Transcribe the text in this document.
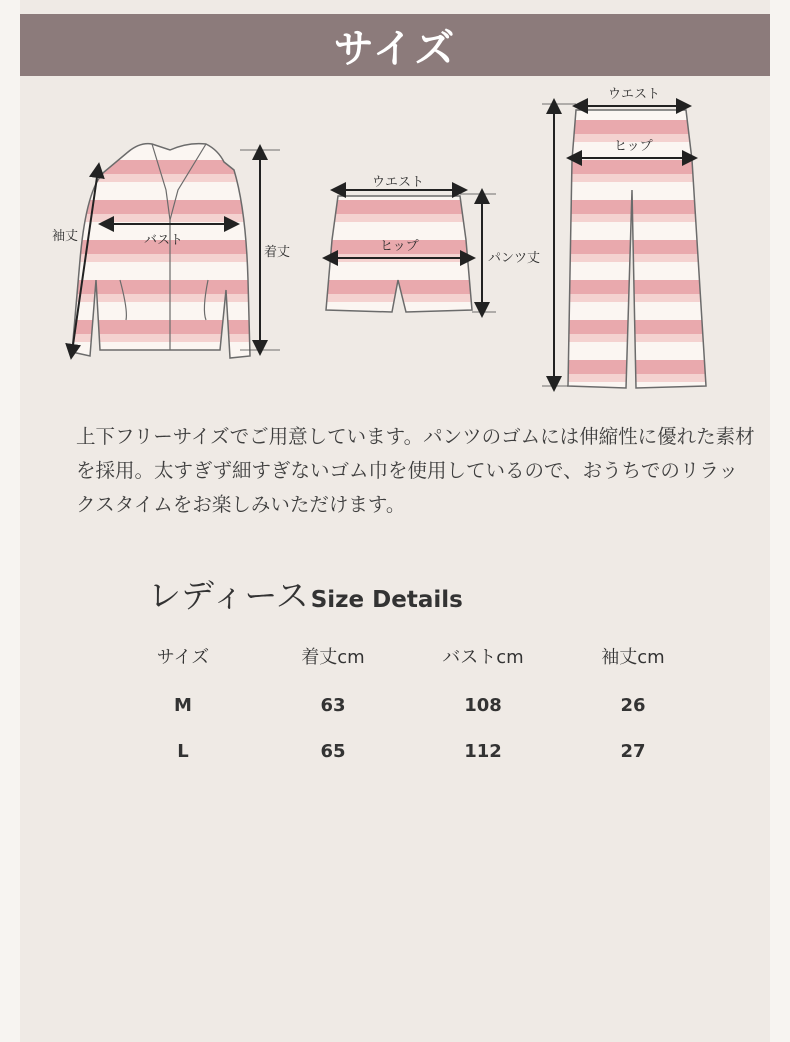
サイズ
袖丈	バスト
着丈
ウエスト
ヒップ
パンツ丈
ウエスト
ヒップ

上下フリーサイズでご用意しています。パンツのゴムには伸縮性に優れた素材を採用。太すぎず細すぎないゴム巾を使用しているので、おうちでのリラックスタイムをお楽しみいただけます。

レディース Size Details
サイズ	着丈cm	バストcm	袖丈cm
M	63	108	26
L	65	112	27
